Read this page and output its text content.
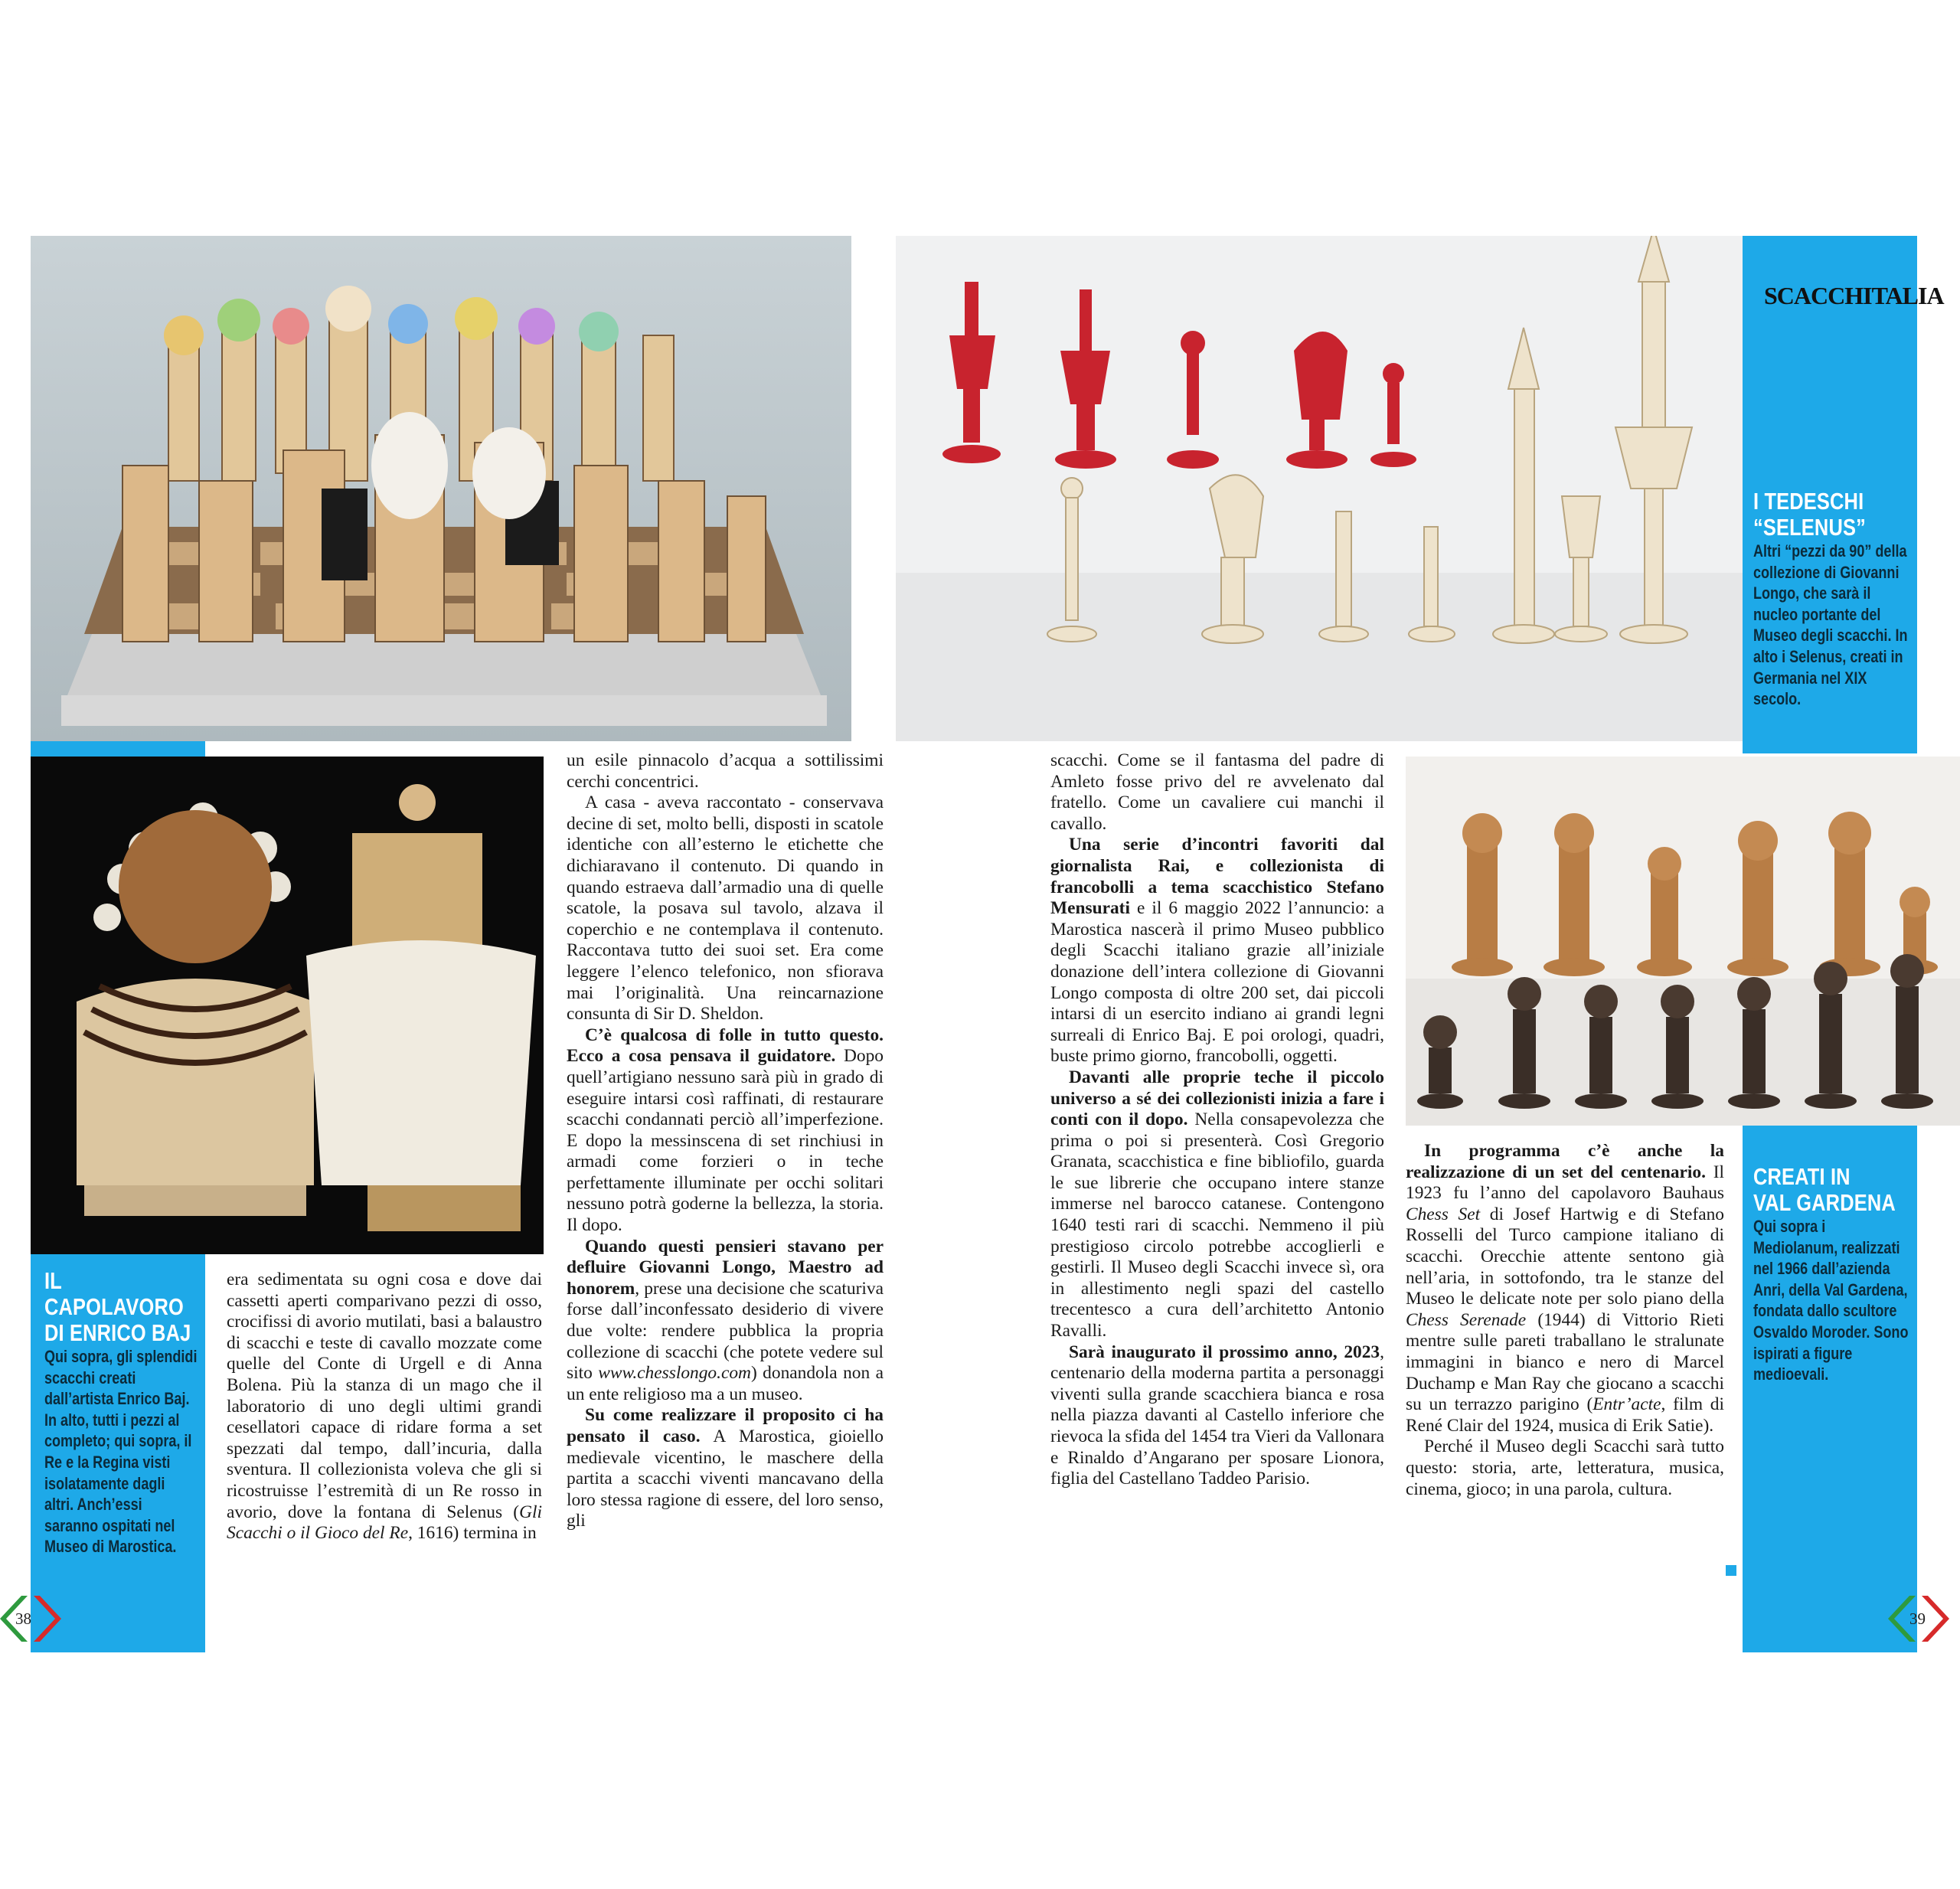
SCACCHITALIA
I TEDESCHI
“SELENUS”
Altri “pezzi da 90” della collezione di Giovanni Longo, che sarà il nucleo portante del Museo degli scacchi. In alto i Selenus, creati in Germania nel XIX secolo.
IL CAPOLAVORO
DI ENRICO BAJ
Qui sopra, gli splendidi scacchi creati dall’artista Enrico Baj. In alto, tutti i pezzi al completo; qui sopra, il Re e la Regina visti isolatamente dagli altri. Anch’essi saranno ospitati nel Museo di Marostica.
CREATI IN
VAL GARDENA
Qui sopra i Mediolanum, realizzati nel 1966 dall’azienda Anri, della Val Gardena, fondata dallo scultore Osvaldo Moroder. Sono ispirati a figure medioevali.

era sedimentata su ogni cosa e dove dai cassetti aperti comparivano pezzi di osso, crocifissi di avorio mutilati, basi a balaustro di scacchi e teste di cavallo mozzate come quelle del Conte di Urgell e di Anna Bolena. Più la stanza di un mago che il laboratorio di uno degli ultimi grandi cesellatori capace di ridare forma a set spezzati dal tempo, dall’incuria, dalla sventura. Il collezionista voleva che gli si ricostruisse l’estremità di un Re rosso in avorio, dove la fontana di Selenus (Gli Scacchi o il Gioco del Re, 1616) termina in

un esile pinnacolo d’acqua a sottilissimi cerchi concentrici.

A casa - aveva raccontato - conservava decine di set, molto belli, disposti in scatole identiche con all’esterno le etichette che dichiaravano il contenuto. Di quando in quando estraeva dall’armadio una di quelle scatole, la posava sul tavolo, alzava il coperchio e ne contemplava il contenuto. Raccontava tutto dei suoi set. Era come leggere l’elenco telefonico, non sfiorava mai l’originalità. Una reincarnazione consunta di Sir D. Sheldon.

C’è qualcosa di folle in tutto questo. Ecco a cosa pensava il guidatore. Dopo quell’artigiano nessuno sarà più in grado di eseguire intarsi così raffinati, di restaurare scacchi condannati perciò all’imperfezione. E dopo la messinscena di set rinchiusi in armadi come forzieri o in teche perfettamente illuminate per occhi solitari nessuno potrà goderne la bellezza, la storia. Il dopo.

Quando questi pensieri stavano per defluire Giovanni Longo, Maestro ad honorem, prese una decisione che scaturiva forse dall’inconfessato desiderio di vivere due volte: rendere pubblica la propria collezione di scacchi (che potete vedere sul sito www.chesslongo.com) donandola non a un ente religioso ma a un museo.

Su come realizzare il proposito ci ha pensato il caso. A Marostica, gioiello medievale vicentino, le maschere della partita a scacchi viventi mancavano della loro stessa ragione di essere, del loro senso, gli

scacchi. Come se il fantasma del padre di Amleto fosse privo del re avvelenato dal fratello. Come un cavaliere cui manchi il cavallo.

Una serie d’incontri favoriti dal giornalista Rai, e collezionista di francobolli a tema scacchistico Stefano Mensurati e il 6 maggio 2022 l’annuncio: a Marostica nascerà il primo Museo pubblico degli Scacchi italiano grazie all’iniziale donazione dell’intera collezione di Giovanni Longo composta di oltre 200 set, dai piccoli intarsi di un esercito indiano ai grandi legni surreali di Enrico Baj. E poi orologi, quadri, buste primo giorno, francobolli, oggetti.

Davanti alle proprie teche il piccolo universo a sé dei collezionisti inizia a fare i conti con il dopo. Nella consapevolezza che prima o poi si presenterà. Così Gregorio Granata, scacchistica e fine bibliofilo, guarda le sue librerie che occupano intere stanze immerse nel barocco catanese. Contengono 1640 testi rari di scacchi. Nemmeno il più prestigioso circolo potrebbe accoglierli e gestirli. Il Museo degli Scacchi invece sì, ora in allestimento negli spazi del castello trecentesco a cura dell’architetto Antonio Ravalli.

Sarà inaugurato il prossimo anno, 2023, centenario della moderna partita a personaggi viventi sulla grande scacchiera bianca e rosa nella piazza davanti al Castello inferiore che rievoca la sfida del 1454 tra Vieri da Vallonara e Rinaldo d’Angarano per sposare Lionora, figlia del Castellano Taddeo Parisio.

In programma c’è anche la realizzazione di un set del centenario. Il 1923 fu l’anno del capolavoro Bauhaus Chess Set di Josef Hartwig e di Stefano Rosselli del Turco campione italiano di scacchi. Orecchie attente sentono già nell’aria, in sottofondo, tra le stanze del Museo le delicate note per solo piano della Chess Serenade (1944) di Vittorio Rieti mentre sulle pareti traballano le stralunate immagini in bianco e nero di Marcel Duchamp e Man Ray che giocano a scacchi su un terrazzo parigino (Entr’acte, film di René Clair del 1924, musica di Erik Satie).

Perché il Museo degli Scacchi sarà tutto questo: storia, arte, letteratura, musica, cinema, gioco; in una parola, cultura.

38	39
